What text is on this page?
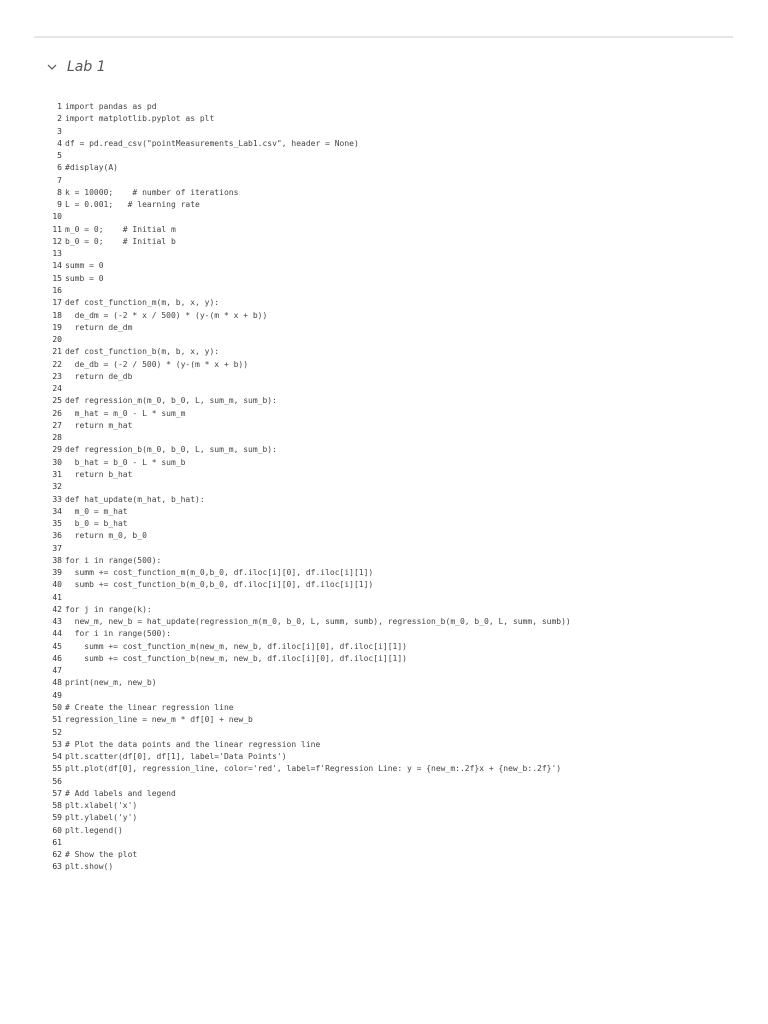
Lab 1
1 import pandas as pd
2 import matplotlib.pyplot as plt
3
4 df = pd.read_csv("pointMeasurements_Lab1.csv", header = None)
5
6 #display(A)
7
8 k = 10000;    # number of iterations
9 L = 0.001;   # learning rate
10
11 m_0 = 0;    # Initial m
12 b_0 = 0;    # Initial b
13
14 summ = 0
15 sumb = 0
16
17 def cost_function_m(m, b, x, y):
18 de_dm = (-2 * x / 500) * (y-(m * x + b))
19 return de_dm
20
21 def cost_function_b(m, b, x, y):
22 de_db = (-2 / 500) * (y-(m * x + b))
23 return de_db
24
25 def regression_m(m_0, b_0, L, sum_m, sum_b):
26 m_hat = m_0 - L * sum_m
27 return m_hat
28
29 def regression_b(m_0, b_0, L, sum_m, sum_b):
30 b_hat = b_0 - L * sum_b
31 return b_hat
32
33 def hat_update(m_hat, b_hat):
34 m_0 = m_hat
35 b_0 = b_hat
36 return m_0, b_0
37
38 for i in range(500):
39 summ += cost_function_m(m_0,b_0, df.iloc[i][0], df.iloc[i][1])
40 sumb += cost_function_b(m_0,b_0, df.iloc[i][0], df.iloc[i][1])
41
42 for j in range(k):
43 new_m, new_b = hat_update(regression_m(m_0, b_0, L, summ, sumb), regression_b(m_0, b_0, L, summ, sumb))
44 for i in range(500):
45 summ += cost_function_m(new_m, new_b, df.iloc[i][0], df.iloc[i][1])
46 sumb += cost_function_b(new_m, new_b, df.iloc[i][0], df.iloc[i][1])
47
48 print(new_m, new_b)
49
50 # Create the linear regression line
51 regression_line = new_m * df[0] + new_b
52
53 # Plot the data points and the linear regression line
54 plt.scatter(df[0], df[1], label='Data Points')
55 plt.plot(df[0], regression_line, color='red', label=f'Regression Line: y = {new_m:.2f}x + {new_b:.2f}')
56
57 # Add labels and legend
58 plt.xlabel('x')
59 plt.ylabel('y')
60 plt.legend()
61
62 # Show the plot
63 plt.show()
